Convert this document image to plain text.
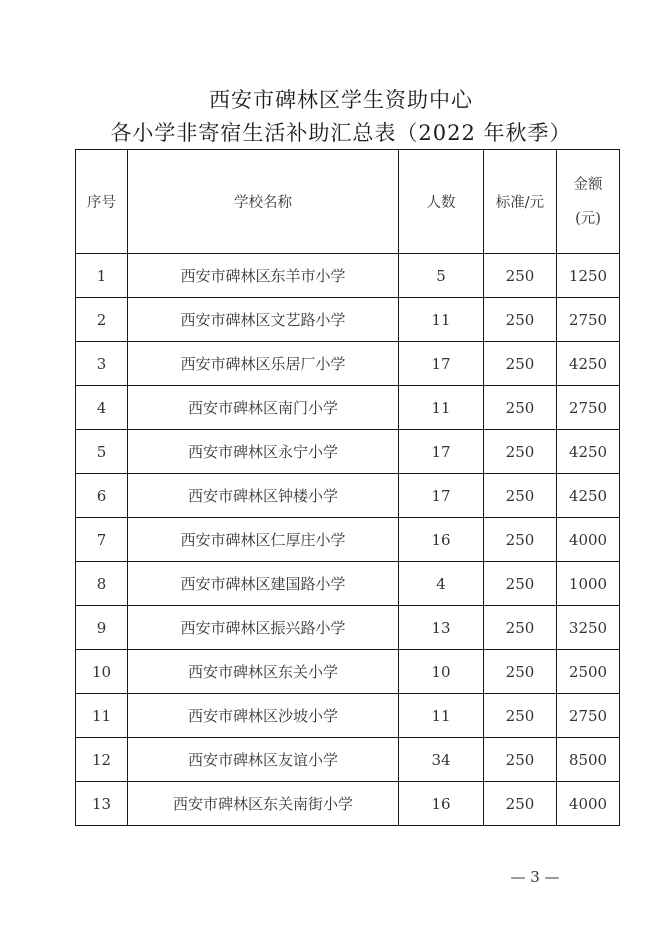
西安市碑林区学生资助中心
各小学非寄宿生活补助汇总表（2022 年秋季）
序号	学校名称	人数	标准/元	金额
(元)

1	西安市碑林区东羊市小学	5	250	1250
2	西安市碑林区文艺路小学	11	250	2750
3	西安市碑林区乐居厂小学	17	250	4250
4	西安市碑林区南门小学	11	250	2750
5	西安市碑林区永宁小学	17	250	4250
6	西安市碑林区钟楼小学	17	250	4250
7	西安市碑林区仁厚庄小学	16	250	4000
8	西安市碑林区建国路小学	4	250	1000
9	西安市碑林区振兴路小学	13	250	3250
10	西安市碑林区东关小学	10	250	2500
11	西安市碑林区沙坡小学	11	250	2750
12	西安市碑林区友谊小学	34	250	8500
13	西安市碑林区东关南街小学	16	250	4000
— 3 —
